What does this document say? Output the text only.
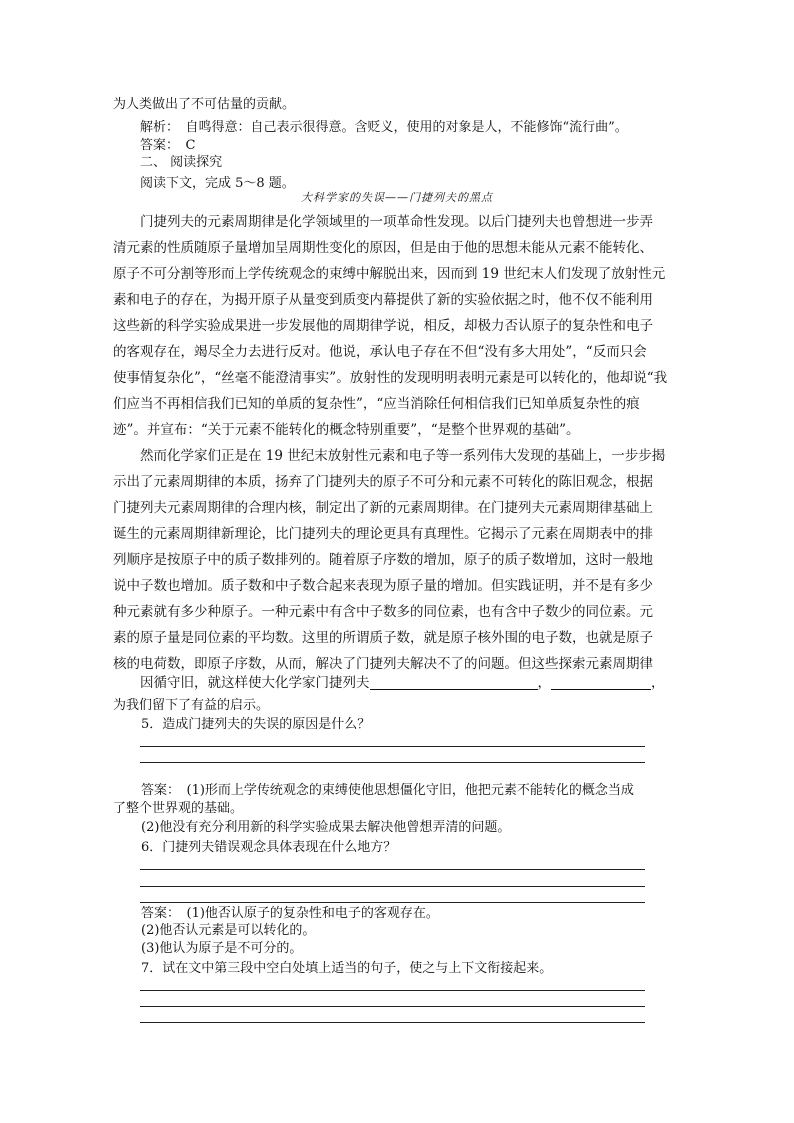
为人类做出了不可估量的贡献。
解析：　自鸣得意：自己表示很得意。含贬义，使用的对象是人，不能修饰“流行曲”。
答案：　C
二、 阅读探究
阅读下文，完成 5～8 题。
大科学家的失误——门捷列夫的黑点
门捷列夫的元素周期律是化学领域里的一项革命性发现。以后门捷列夫也曾想进一步弄
清元素的性质随原子量增加呈周期性变化的原因，但是由于他的思想未能从元素不能转化、
原子不可分割等形而上学传统观念的束缚中解脱出来，因而到 19 世纪末人们发现了放射性元
素和电子的存在，为揭开原子从量变到质变内幕提供了新的实验依据之时，他不仅不能利用
这些新的科学实验成果进一步发展他的周期律学说，相反，却极力否认原子的复杂性和电子
的客观存在，竭尽全力去进行反对。他说，承认电子存在不但“没有多大用处”，“反而只会
使事情复杂化”，“丝毫不能澄清事实”。放射性的发现明明表明元素是可以转化的，他却说“我
们应当不再相信我们已知的单质的复杂性”，“应当消除任何相信我们已知单质复杂性的痕
迹”。并宣布：“关于元素不能转化的概念特别重要”，“是整个世界观的基础”。
然而化学家们正是在 19 世纪末放射性元素和电子等一系列伟大发现的基础上，一步步揭
示出了元素周期律的本质，扬弃了门捷列夫的原子不可分和元素不可转化的陈旧观念，根据
门捷列夫元素周期律的合理内核，制定出了新的元素周期律。在门捷列夫元素周期律基础上
诞生的元素周期律新理论，比门捷列夫的理论更具有真理性。它揭示了元素在周期表中的排
列顺序是按原子中的质子数排列的。随着原子序数的增加，原子的质子数增加，这时一般地
说中子数也增加。质子数和中子数合起来表现为原子量的增加。但实践证明，并不是有多少
种元素就有多少种原子。一种元素中有含中子数多的同位素，也有含中子数少的同位素。元
素的原子量是同位素的平均数。这里的所谓质子数，就是原子核外围的电子数，也就是原子
核的电荷数，即原子序数，从而，解决了门捷列夫解决不了的问题。但这些探索元素周期律
因循守旧，就这样使大化学家门捷列夫	，	，
为我们留下了有益的启示。
5．造成门捷列夫的失误的原因是什么？
答案：　(1)形而上学传统观念的束缚使他思想僵化守旧，他把元素不能转化的概念当成
了整个世界观的基础。
(2)他没有充分利用新的科学实验成果去解决他曾想弄清的问题。
6．门捷列夫错误观念具体表现在什么地方？
答案：　(1)他否认原子的复杂性和电子的客观存在。
(2)他否认元素是可以转化的。
(3)他认为原子是不可分的。
7．试在文中第三段中空白处填上适当的句子，使之与上下文衔接起来。
